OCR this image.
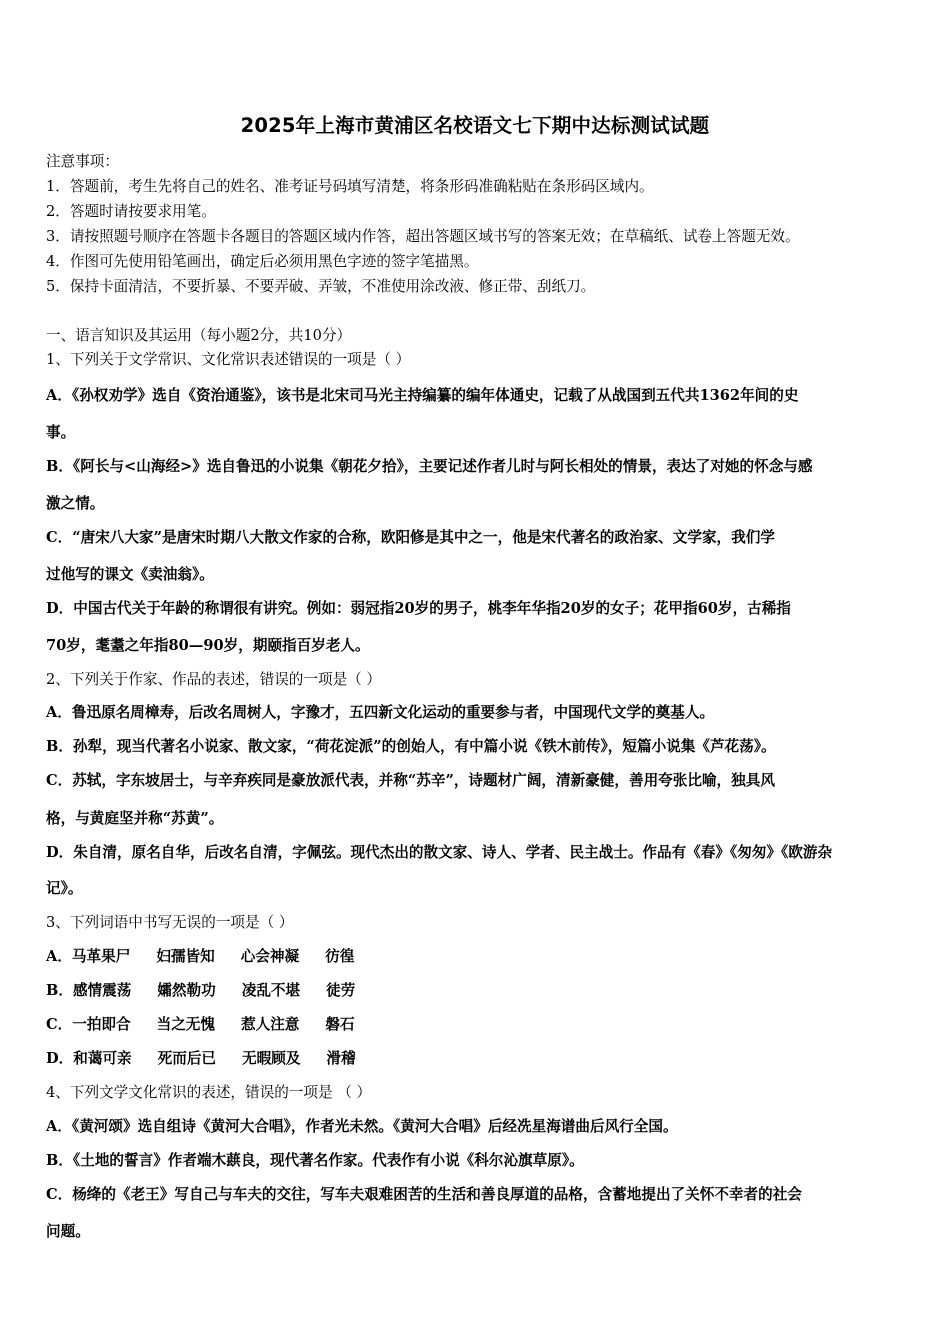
2025年上海市黄浦区名校语文七下期中达标测试试题
注意事项：
1．答题前，考生先将自己的姓名、准考证号码填写清楚，将条形码准确粘贴在条形码区域内。
2．答题时请按要求用笔。
3．请按照题号顺序在答题卡各题目的答题区域内作答，超出答题区域书写的答案无效；在草稿纸、试卷上答题无效。
4．作图可先使用铅笔画出，确定后必须用黑色字迹的签字笔描黑。
5．保持卡面清洁，不要折暴、不要弄破、弄皱，不准使用涂改液、修正带、刮纸刀。
一、语言知识及其运用（每小题2分，共10分）
1、下列关于文学常识、文化常识表述错误的一项是（ ）
A．《孙权劝学》选自《资治通鉴》，该书是北宋司马光主持编纂的编年体通史，记载了从战国到五代共1362年间的史
事。
B．《阿长与<山海经>》选自鲁迅的小说集《朝花夕拾》，主要记述作者儿时与阿长相处的情景，表达了对她的怀念与感
激之情。
C．“唐宋八大家”是唐宋时期八大散文作家的合称，欧阳修是其中之一，他是宋代著名的政治家、文学家，我们学
过他写的课文《卖油翁》。
D．中国古代关于年龄的称谓很有讲究。例如：弱冠指20岁的男子，桃李年华指20岁的女子；花甲指60岁，古稀指
70岁，耄耋之年指80—90岁，期颐指百岁老人。
2、下列关于作家、作品的表述，错误的一项是（ ）
A．鲁迅原名周樟寿，后改名周树人，字豫才，五四新文化运动的重要参与者，中国现代文学的奠基人。
B．孙犁，现当代著名小说家、散文家，“荷花淀派”的创始人，有中篇小说《铁木前传》，短篇小说集《芦花荡》。
C．苏轼，字东坡居士，与辛弃疾同是豪放派代表，并称“苏辛”，诗题材广阔，清新豪健，善用夸张比喻，独具风
格，与黄庭坚并称“苏黄”。
D．朱自清，原名自华，后改名自清，字佩弦。现代杰出的散文家、诗人、学者、民主战士。作品有《春》《匆匆》《欧游杂
记》。
3、下列词语中书写无误的一项是（ ）
A．马革果尸 妇孺皆知 心会神凝 彷徨
B．感情震荡 孀然勒功 凌乱不堪 徒劳
C．一拍即合 当之无愧 惹人注意 磐石
D．和蔼可亲 死而后已 无暇顾及 滑稽
4、下列文学文化常识的表述，错误的一项是 （ ）
A．《黄河颂》选自组诗《黄河大合唱》，作者光未然。《黄河大合唱》后经冼星海谱曲后风行全国。
B．《土地的誓言》作者端木蕻良，现代著名作家。代表作有小说《科尔沁旗草原》。
C．杨绛的《老王》写自己与车夫的交往，写车夫艰难困苦的生活和善良厚道的品格，含蓄地提出了关怀不幸者的社会
问题。
